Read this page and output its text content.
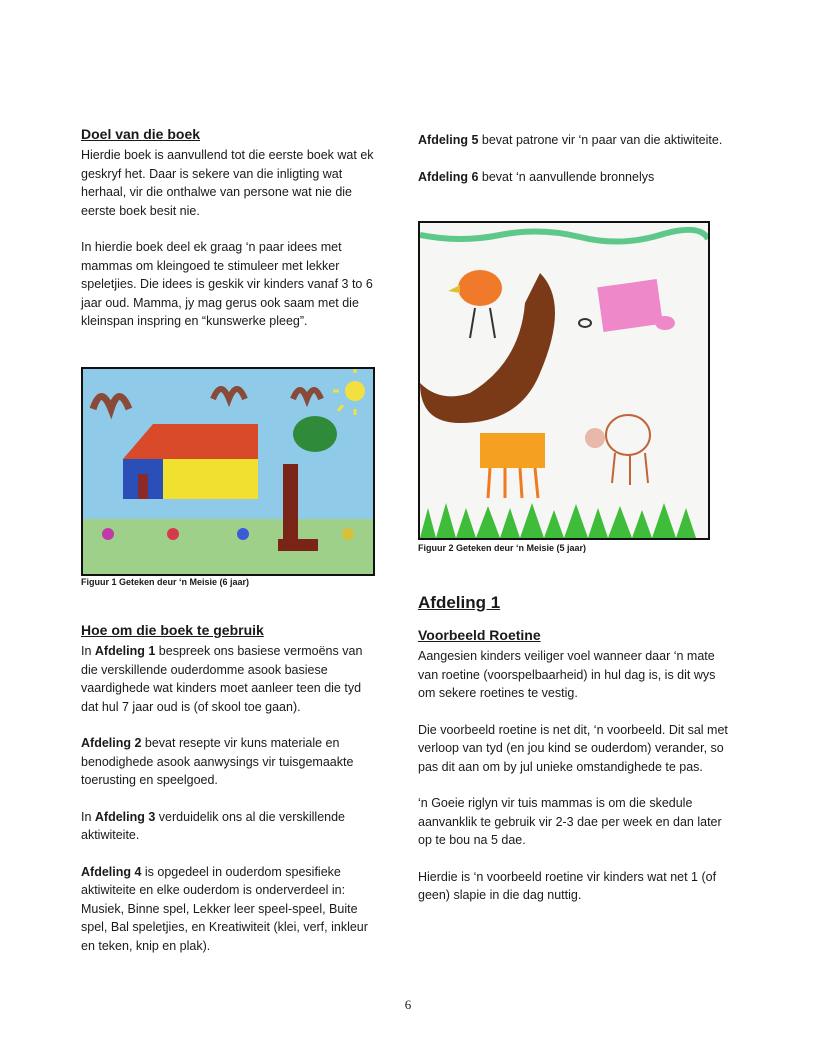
Doel van die boek

Hierdie boek is aanvullend tot die eerste boek wat ek geskryf het. Daar is sekere van die inligting wat herhaal, vir die onthalwe van persone wat nie die eerste boek besit nie.

In hierdie boek deel ek graag ‘n paar idees met mammas om kleingoed te stimuleer met lekker speletjies. Die idees is geskik vir kinders vanaf 3 to 6 jaar oud. Mamma, jy mag gerus ook saam met die kleinspan inspring en “kunswerke pleeg”.

Figuur 1 Geteken deur ‘n Meisie (6 jaar)

Hoe om die boek te gebruik

In Afdeling 1 bespreek ons basiese vermoëns van die verskillende ouderdomme asook basiese vaardighede wat kinders moet aanleer teen die tyd dat hul 7 jaar oud is (of skool toe gaan).

Afdeling 2 bevat resepte vir kuns materiale en benodighede asook aanwysings vir tuisgemaakte toerusting en speelgoed.

In Afdeling 3 verduidelik ons al die verskillende aktiwiteite.

Afdeling 4 is opgedeel in ouderdom spesifieke aktiwiteite en elke ouderdom is onderverdeel in: Musiek, Binne spel, Lekker leer speel-speel, Buite spel, Bal speletjies, en Kreatiwiteit (klei, verf, inkleur en teken, knip en plak).

Afdeling 5 bevat patrone vir ‘n paar van die aktiwiteite.

Afdeling 6 bevat ‘n aanvullende bronnelys

Figuur 2 Geteken deur ‘n Meisie (5 jaar)

Afdeling 1

Voorbeeld Roetine

Aangesien kinders veiliger voel wanneer daar ‘n mate van roetine (voorspelbaarheid) in hul dag is, is dit wys om sekere roetines te vestig.

Die voorbeeld roetine is net dit, ‘n voorbeeld. Dit sal met verloop van tyd (en jou kind se ouderdom) verander, so pas dit aan om by jul unieke omstandighede te pas.

‘n Goeie riglyn vir tuis mammas is om die skedule aanvanklik te gebruik vir 2-3 dae per week en dan later op te bou na 5 dae.

Hierdie is ‘n voorbeeld roetine vir kinders wat net 1 (of geen) slapie in die dag nuttig.

6
